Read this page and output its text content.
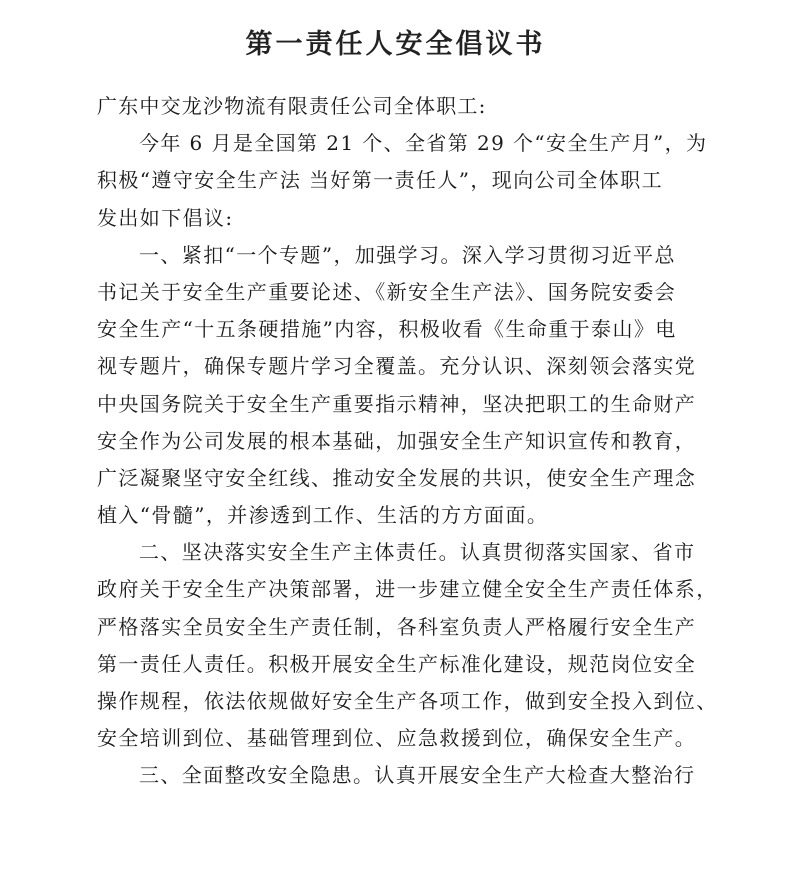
第一责任人安全倡议书
广东中交龙沙物流有限责任公司全体职工:
今年 6 月是全国第 21 个、全省第 29 个“安全生产月”，为
积极“遵守安全生产法 当好第一责任人”，现向公司全体职工
发出如下倡议:
一、紧扣“一个专题”，加强学习。深入学习贯彻习近平总
书记关于安全生产重要论述、《新安全生产法》、国务院安委会
安全生产“十五条硬措施”内容，积极收看《生命重于泰山》电
视专题片，确保专题片学习全覆盖。充分认识、深刻领会落实党
中央国务院关于安全生产重要指示精神，坚决把职工的生命财产
安全作为公司发展的根本基础，加强安全生产知识宣传和教育，
广泛凝聚坚守安全红线、推动安全发展的共识，使安全生产理念
植入“骨髓”，并渗透到工作、生活的方方面面。
二、坚决落实安全生产主体责任。认真贯彻落实国家、省市
政府关于安全生产决策部署，进一步建立健全安全生产责任体系，
严格落实全员安全生产责任制，各科室负责人严格履行安全生产
第一责任人责任。积极开展安全生产标准化建设，规范岗位安全
操作规程，依法依规做好安全生产各项工作，做到安全投入到位、
安全培训到位、基础管理到位、应急救援到位，确保安全生产。
三、全面整改安全隐患。认真开展安全生产大检查大整治行
